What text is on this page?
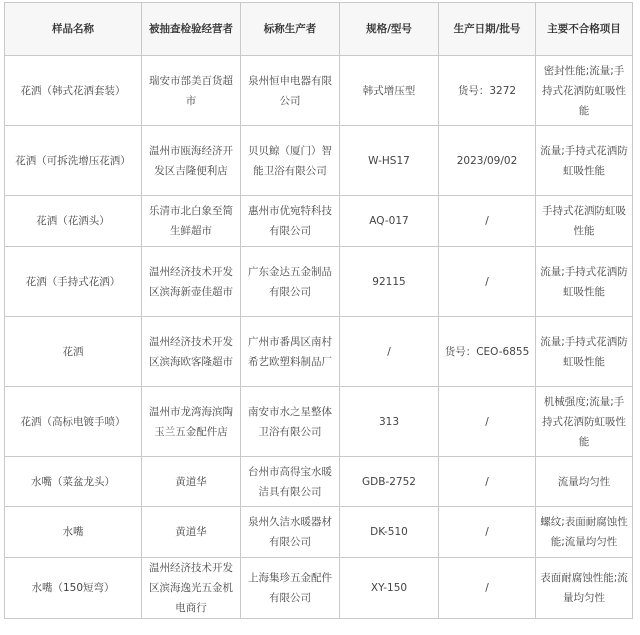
样品名称	被抽查检验经营者	标称生产者	规格/型号	生产日期/批号	主要不合格项目
花洒（韩式花洒套装）	瑞安市部美百货超市	泉州恒申电器有限公司	韩式增压型	货号：3272	密封性能;流量;手持式花洒防虹吸性能
花洒（可拆洗增压花洒）	温州市瓯海经济开发区吉隆便利店	贝贝鲸（厦门）智能卫浴有限公司	W-HS17	2023/09/02	流量;手持式花洒防虹吸性能
花洒（花洒头）	乐清市北白象至简生鲜超市	惠州市优宛特科技有限公司	AQ-017	/	手持式花洒防虹吸性能
花洒（手持式花洒）	温州经济技术开发区滨海新壶佳超市	广东金达五金制品有限公司	92115	/	流量;手持式花洒防虹吸性能
花洒	温州经济技术开发区滨海欧客隆超市	广州市番禺区南村希艺欧塑料制品厂	/	货号：CEO-6855	流量;手持式花洒防虹吸性能
花洒（高标电镀手喷）	温州市龙湾海滨陶玉兰五金配件店	南安市水之星整体卫浴有限公司	313	/	机械强度;流量;手持式花洒防虹吸性能
水嘴（菜盆龙头）	黄道华	台州市高得宝水暖洁具有限公司	GDB-2752	/	流量均匀性
水嘴	黄道华	泉州久洁水暖器材有限公司	DK-510	/	螺纹;表面耐腐蚀性能;流量均匀性
水嘴（150短弯）	温州经济技术开发区滨海逸光五金机电商行	上海集珍五金配件有限公司	XY-150	/	表面耐腐蚀性能;流量均匀性
